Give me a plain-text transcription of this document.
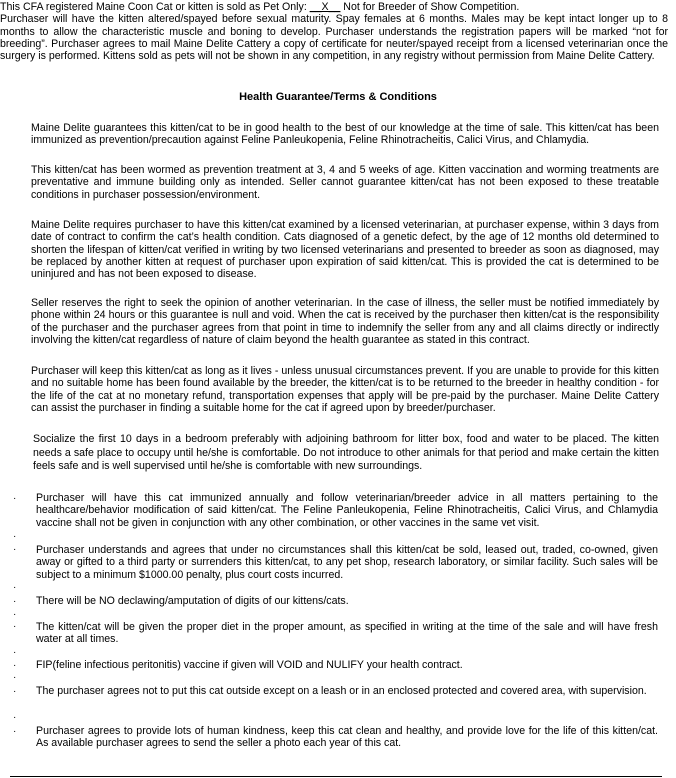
This CFA registered Maine Coon Cat or kitten is sold as Pet Only: __X__ Not for Breeder of Show Competition.
Purchaser will have the kitten altered/spayed before sexual maturity. Spay females at 6 months. Males may be kept intact longer up to 8 months to allow the characteristic muscle and boning to develop. Purchaser understands the registration papers will be marked “not for breeding”. Purchaser agrees to mail Maine Delite Cattery a copy of certificate for neuter/spayed receipt from a licensed veterinarian once the surgery is performed. Kittens sold as pets will not be shown in any competition, in any registry without permission from Maine Delite Cattery.
Health Guarantee/Terms & Conditions
Maine Delite guarantees this kitten/cat to be in good health to the best of our knowledge at the time of sale. This kitten/cat has been immunized as prevention/precaution against Feline Panleukopenia, Feline Rhinotracheitis, Calici Virus, and Chlamydia.
This kitten/cat has been wormed as prevention treatment at 3, 4 and 5 weeks of age. Kitten vaccination and worming treatments are preventative and immune building only as intended. Seller cannot guarantee kitten/cat has not been exposed to these treatable conditions in purchaser possession/environment.
Maine Delite requires purchaser to have this kitten/cat examined by a licensed veterinarian, at purchaser expense, within 3 days from date of contract to confirm the cat’s health condition. Cats diagnosed of a genetic defect, by the age of 12 months old determined to shorten the lifespan of kitten/cat verified in writing by two licensed veterinarians and presented to breeder as soon as diagnosed, may be replaced by another kitten at request of purchaser upon expiration of said kitten/cat. This is provided the cat is determined to be uninjured and has not been exposed to disease.
Seller reserves the right to seek the opinion of another veterinarian. In the case of illness, the seller must be notified immediately by phone within 24 hours or this guarantee is null and void. When the cat is received by the purchaser then kitten/cat is the responsibility of the purchaser and the purchaser agrees from that point in time to indemnify the seller from any and all claims directly or indirectly involving the kitten/cat regardless of nature of claim beyond the health guarantee as stated in this contract.
Purchaser will keep this kitten/cat as long as it lives - unless unusual circumstances prevent. If you are unable to provide for this kitten and no suitable home has been found available by the breeder, the kitten/cat is to be returned to the breeder in healthy condition - for the life of the cat at no monetary refund, transportation expenses that apply will be pre-paid by the purchaser. Maine Delite Cattery can assist the purchaser in finding a suitable home for the cat if agreed upon by breeder/purchaser.
Socialize the first 10 days in a bedroom preferably with adjoining bathroom for litter box, food and water to be placed. The kitten needs a safe place to occupy until he/she is comfortable. Do not introduce to other animals for that period and make certain the kitten feels safe and is well supervised until he/she is comfortable with new surroundings.
· Purchaser will have this cat immunized annually and follow veterinarian/breeder advice in all matters pertaining to the healthcare/behavior modification of said kitten/cat. The Feline Panleukopenia, Feline Rhinotracheitis, Calici Virus, and Chlamydia vaccine shall not be given in conjunction with any other combination, or other vaccines in the same vet visit.
·
· Purchaser understands and agrees that under no circumstances shall this kitten/cat be sold, leased out, traded, co-owned, given away or gifted to a third party or surrenders this kitten/cat, to any pet shop, research laboratory, or similar facility. Such sales will be subject to a minimum $1000.00 penalty, plus court costs incurred.
·
· There will be NO declawing/amputation of digits of our kittens/cats.
·
· The kitten/cat will be given the proper diet in the proper amount, as specified in writing at the time of the sale and will have fresh water at all times.
·
· FIP(feline infectious peritonitis) vaccine if given will VOID and NULIFY your health contract.
·
· The purchaser agrees not to put this cat outside except on a leash or in an enclosed protected and covered area, with supervision.
·
· Purchaser agrees to provide lots of human kindness, keep this cat clean and healthy, and provide love for the life of this kitten/cat. As available purchaser agrees to send the seller a photo each year of this cat.
